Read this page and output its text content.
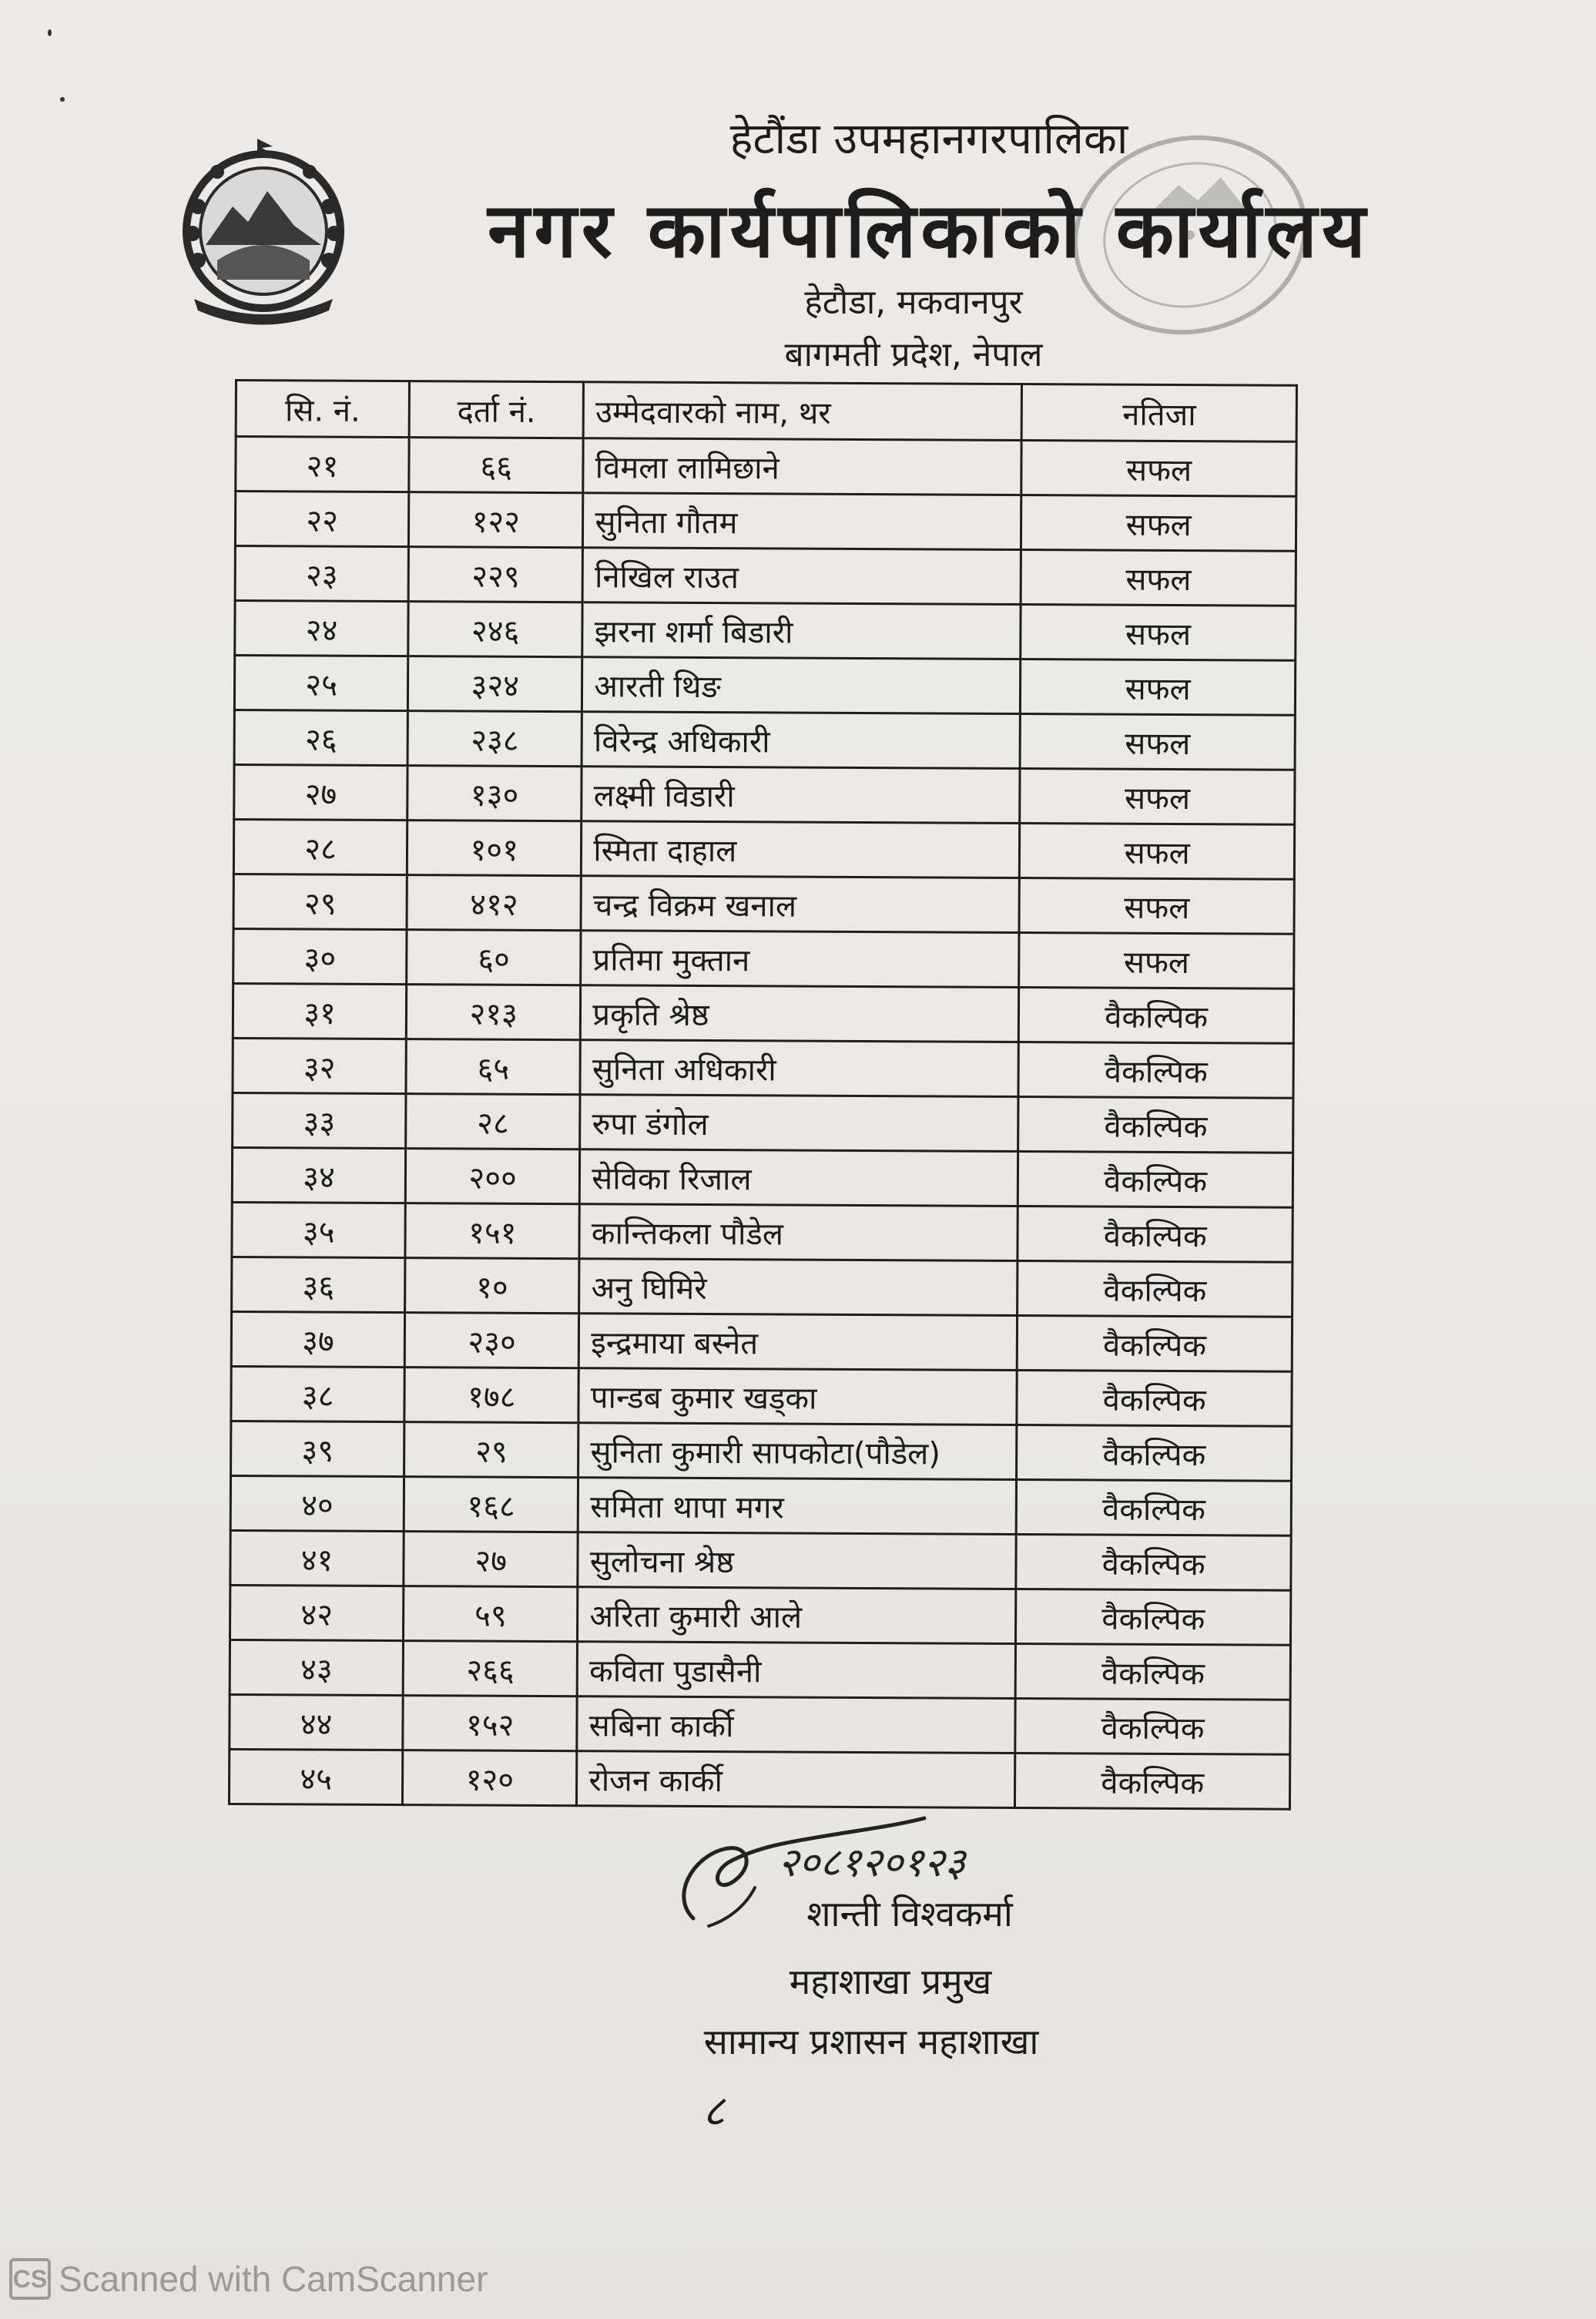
हेटौंडा उपमहानगरपालिका
नगर कार्यपालिकाको कार्यालय
हेटौडा, मकवानपुर
बागमती प्रदेश, नेपाल
सि. नं.	दर्ता नं.	उम्मेदवारको नाम, थर	नतिजा
२१	६६	विमला लामिछाने	सफल
२२	१२२	सुनिता गौतम	सफल
२३	२२९	निखिल राउत	सफल
२४	२४६	झरना शर्मा बिडारी	सफल
२५	३२४	आरती थिङ	सफल
२६	२३८	विरेन्द्र अधिकारी	सफल
२७	१३०	लक्ष्मी विडारी	सफल
२८	१०१	स्मिता दाहाल	सफल
२९	४१२	चन्द्र विक्रम खनाल	सफल
३०	६०	प्रतिमा मुक्तान	सफल
३१	२१३	प्रकृति श्रेष्ठ	वैकल्पिक
३२	६५	सुनिता अधिकारी	वैकल्पिक
३३	२८	रुपा डंगोल	वैकल्पिक
३४	२००	सेविका रिजाल	वैकल्पिक
३५	१५१	कान्तिकला पौडेल	वैकल्पिक
३६	१०	अनु घिमिरे	वैकल्पिक
३७	२३०	इन्द्रमाया बस्नेत	वैकल्पिक
३८	१७८	पान्डब कुमार खड्का	वैकल्पिक
३९	२९	सुनिता कुमारी सापकोटा(पौडेल)	वैकल्पिक
४०	१६८	समिता थापा मगर	वैकल्पिक
४१	२७	सुलोचना श्रेष्ठ	वैकल्पिक
४२	५९	अरिता कुमारी आले	वैकल्पिक
४३	२६६	कविता पुडासैनी	वैकल्पिक
४४	१५२	सबिना कार्की	वैकल्पिक
४५	१२०	रोजन कार्की	वैकल्पिक
२०८१२०१२३
शान्ती विश्वकर्मा
महाशाखा प्रमुख
सामान्य प्रशासन महाशाखा
८
CS Scanned with CamScanner
